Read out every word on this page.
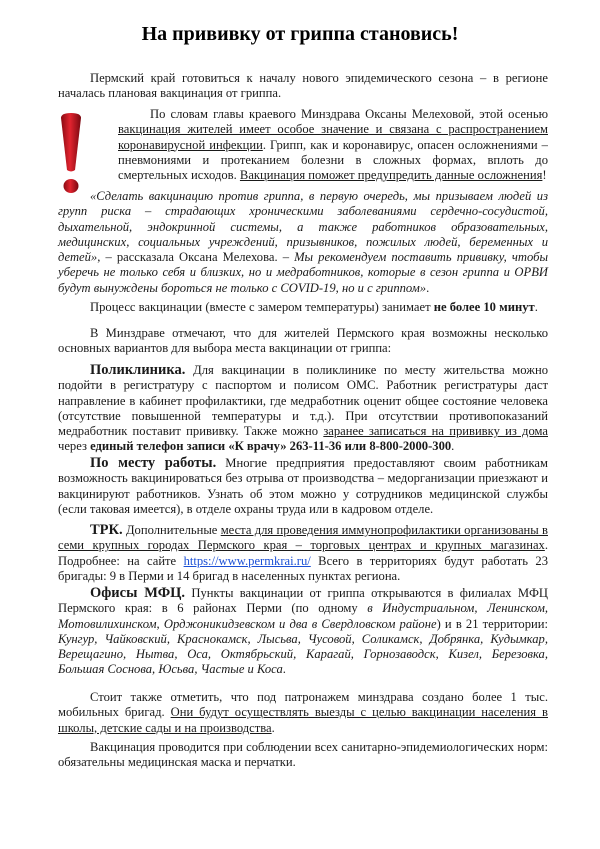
На прививку от гриппа становись!

Пермский край готовиться к началу нового эпидемического сезона – в регионе началась плановая вакцинация от гриппа.

По словам главы краевого Минздрава Оксаны Мелеховой, этой осенью вакцинация жителей имеет особое значение и связана с распространением коронавирусной инфекции. Грипп, как и коронавирус, опасен осложнениями – пневмониями и протеканием болезни в сложных формах, вплоть до смертельных исходов. Вакцинация поможет предупредить данные осложнения!

«Сделать вакцинацию против гриппа, в первую очередь, мы призываем людей из групп риска – страдающих хроническими заболеваниями сердечно-сосудистой, дыхательной, эндокринной системы, а также работников образовательных, медицинских, социальных учреждений, призывников, пожилых людей, беременных и детей», – рассказала Оксана Мелехова. – Мы рекомендуем поставить прививку, чтобы уберечь не только себя и близких, но и медработников, которые в сезон гриппа и ОРВИ будут вынуждены бороться не только с COVID-19, но и с гриппом».

Процесс вакцинации (вместе с замером температуры) занимает не более 10 минут.

В Минздраве отмечают, что для жителей Пермского края возможны несколько основных вариантов для выбора места вакцинации от гриппа:

Поликлиника. Для вакцинации в поликлинике по месту жительства можно подойти в регистратуру с паспортом и полисом ОМС. Работник регистратуры даст направление в кабинет профилактики, где медработник оценит общее состояние человека (отсутствие повышенной температуры и т.д.). При отсутствии противопоказаний медработник поставит прививку. Также можно заранее записаться на прививку из дома через единый телефон записи «К врачу» 263-11-36 или 8-800-2000-300.

По месту работы. Многие предприятия предоставляют своим работникам возможность вакцинироваться без отрыва от производства – медорганизации приезжают и вакцинируют работников. Узнать об этом можно у сотрудников медицинской службы (если таковая имеется), в отделе охраны труда или в кадровом отделе.

ТРК. Дополнительные места для проведения иммунопрофилактики организованы в семи крупных городах Пермского края – торговых центрах и крупных магазинах. Подробнее: на сайте https://www.permkrai.ru/ Всего в территориях будут работать 23 бригады: 9 в Перми и 14 бригад в населенных пунктах региона.

Офисы МФЦ. Пункты вакцинации от гриппа открываются в филиалах МФЦ Пермского края: в 6 районах Перми (по одному в Индустриальном, Ленинском, Мотовилихинском, Орджоникидзевском и два в Свердловском районе) и в 21 территории: Кунгур, Чайковский, Краснокамск, Лысьва, Чусовой, Соликамск, Добрянка, Кудымкар, Верещагино, Нытва, Оса, Октябрьский, Карагай, Горнозаводск, Кизел, Березовка, Большая Соснова, Юсьва, Частые и Коса.

Стоит также отметить, что под патронажем минздрава создано более 1 тыс. мобильных бригад. Они будут осуществлять выезды с целью вакцинации населения в школы, детские сады и на производства.

Вакцинация проводится при соблюдении всех санитарно-эпидемиологических норм: обязательны медицинская маска и перчатки.
